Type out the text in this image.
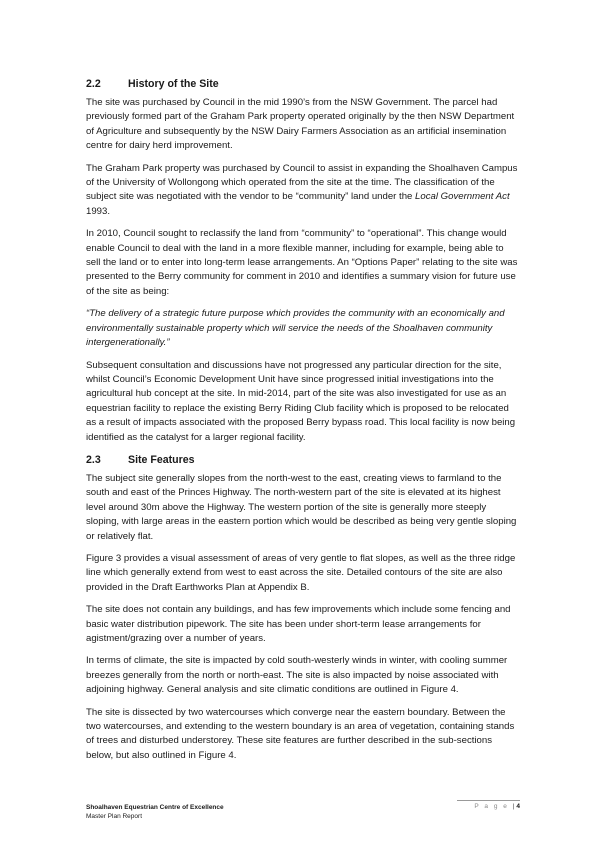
2.2	History of the Site

The site was purchased by Council in the mid 1990’s from the NSW Government. The parcel had previously formed part of the Graham Park property operated originally by the then NSW Department of Agriculture and subsequently by the NSW Dairy Farmers Association as an artificial insemination centre for dairy herd improvement.

The Graham Park property was purchased by Council to assist in expanding the Shoalhaven Campus of the University of Wollongong which operated from the site at the time. The classification of the subject site was negotiated with the vendor to be “community” land under the Local Government Act 1993.

In 2010, Council sought to reclassify the land from “community” to “operational”. This change would enable Council to deal with the land in a more flexible manner, including for example, being able to sell the land or to enter into long-term lease arrangements. An “Options Paper” relating to the site was presented to the Berry community for comment in 2010 and identifies a summary vision for future use of the site as being:

“The delivery of a strategic future purpose which provides the community with an economically and environmentally sustainable property which will service the needs of the Shoalhaven community intergenerationally.”

Subsequent consultation and discussions have not progressed any particular direction for the site, whilst Council’s Economic Development Unit have since progressed initial investigations into the agricultural hub concept at the site. In mid-2014, part of the site was also investigated for use as an equestrian facility to replace the existing Berry Riding Club facility which is proposed to be relocated as a result of impacts associated with the proposed Berry bypass road. This local facility is now being identified as the catalyst for a larger regional facility.

2.3	Site Features

The subject site generally slopes from the north-west to the east, creating views to farmland to the south and east of the Princes Highway. The north-western part of the site is elevated at its highest level around 30m above the Highway. The western portion of the site is generally more steeply sloping, with large areas in the eastern portion which would be described as being very gentle sloping or relatively flat.

Figure 3 provides a visual assessment of areas of very gentle to flat slopes, as well as the three ridge line which generally extend from west to east across the site. Detailed contours of the site are also provided in the Draft Earthworks Plan at Appendix B.

The site does not contain any buildings, and has few improvements which include some fencing and basic water distribution pipework. The site has been under short-term lease arrangements for agistment/grazing over a number of years.

In terms of climate, the site is impacted by cold south-westerly winds in winter, with cooling summer breezes generally from the north or north-east. The site is also impacted by noise associated with adjoining highway. General analysis and site climatic conditions are outlined in Figure 4.

The site is dissected by two watercourses which converge near the eastern boundary. Between the two watercourses, and extending to the western boundary is an area of vegetation, containing stands of trees and disturbed understorey. These site features are further described in the sub-sections below, but also outlined in Figure 4.

P a g e |4
Shoalhaven Equestrian Centre of Excellence
Master Plan Report
